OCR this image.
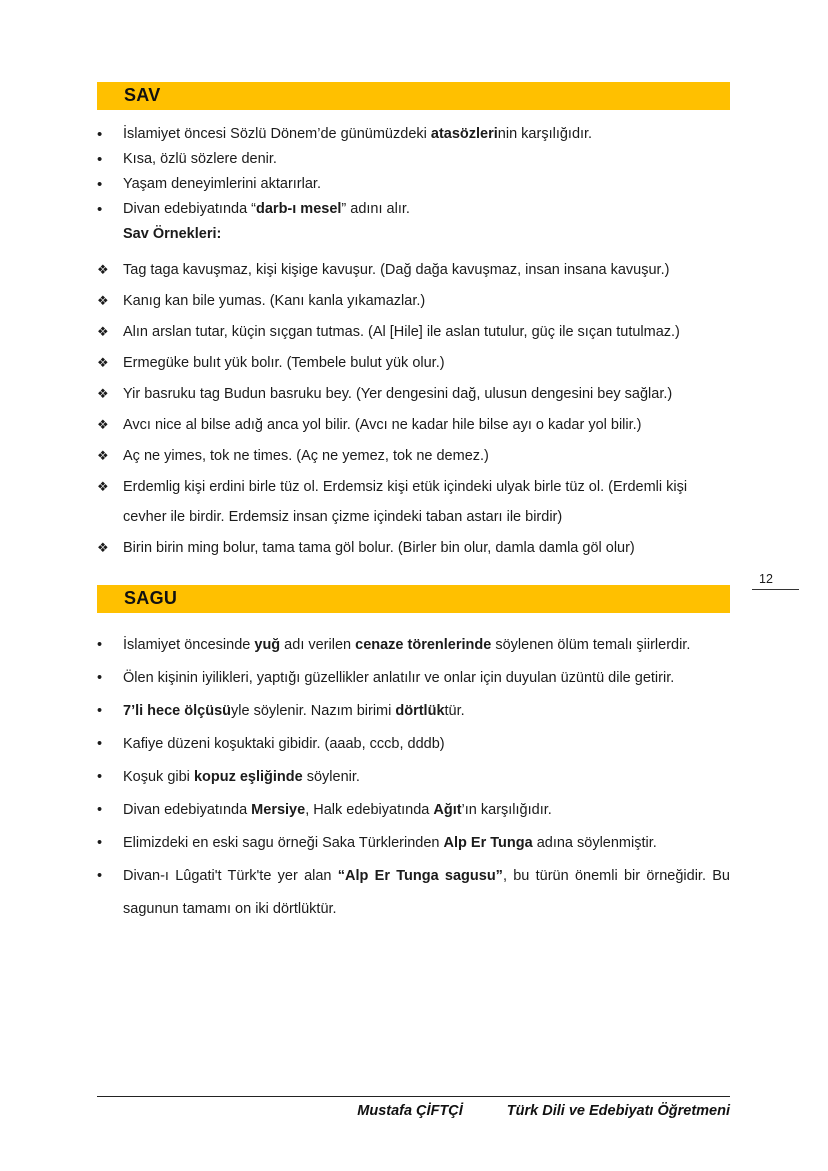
SAV
•	İslamiyet öncesi Sözlü Dönem’de günümüzdeki atasözlerinin karşılığıdır.
•	Kısa, özlü sözlere denir.
•	Yaşam deneyimlerini aktarırlar.
•	Divan edebiyatında “darb-ı mesel” adını alır.
Sav Örnekleri:
❖ Tag taga kavuşmaz, kişi kişige kavuşur. (Dağ dağa kavuşmaz, insan insana kavuşur.)
❖ Kanıg kan bile yumas. (Kanı kanla yıkamazlar.)
❖ Alın arslan tutar, küçin sıçgan tutmas. (Al [Hile] ile aslan tutulur, güç ile sıçan tutulmaz.)
❖ Ermegüke bulıt yük bolır. (Tembele bulut yük olur.)
❖ Yir basruku tag Budun basruku bey. (Yer dengesini dağ, ulusun dengesini bey sağlar.)
❖ Avcı nice al bilse adığ anca yol bilir. (Avcı ne kadar hile bilse ayı o kadar yol bilir.)
❖ Aç ne yimes, tok ne times. (Aç ne yemez, tok ne demez.)
❖ Erdemlig kişi erdini birle tüz ol. Erdemsiz kişi etük içindeki ulyak birle tüz ol. (Erdemli kişi cevher ile birdir. Erdemsiz insan çizme içindeki taban astarı ile birdir)
❖ Birin birin ming bolur, tama tama göl bolur. (Birler bin olur, damla damla göl olur)
SAGU
•	İslamiyet öncesinde yuğ adı verilen cenaze törenlerinde söylenen ölüm temalı şiirlerdir.
•	Ölen kişinin iyilikleri, yaptığı güzellikler anlatılır ve onlar için duyulan üzüntü dile getirir.
•	7’li hece ölçüsüyle söylenir. Nazım birimi dörtlüktür.
•	Kafiye düzeni koşuktaki gibidir. (aaab, cccb, dddb)
•	Koşuk gibi kopuz eşliğinde söylenir.
•	Divan edebiyatında Mersiye, Halk edebiyatında Ağıt’ın karşılığıdır.
•	Elimizdeki en eski sagu örneği Saka Türklerinden Alp Er Tunga adına söylenmiştir.
•	Divan-ı Lûgati't Türk'te yer alan “Alp Er Tunga sagusu”, bu türün önemli bir örneğidir. Bu sagunun tamamı on iki dörtlüktür.
12
Mustafa ÇİFTÇİ	Türk Dili ve Edebiyatı Öğretmeni
